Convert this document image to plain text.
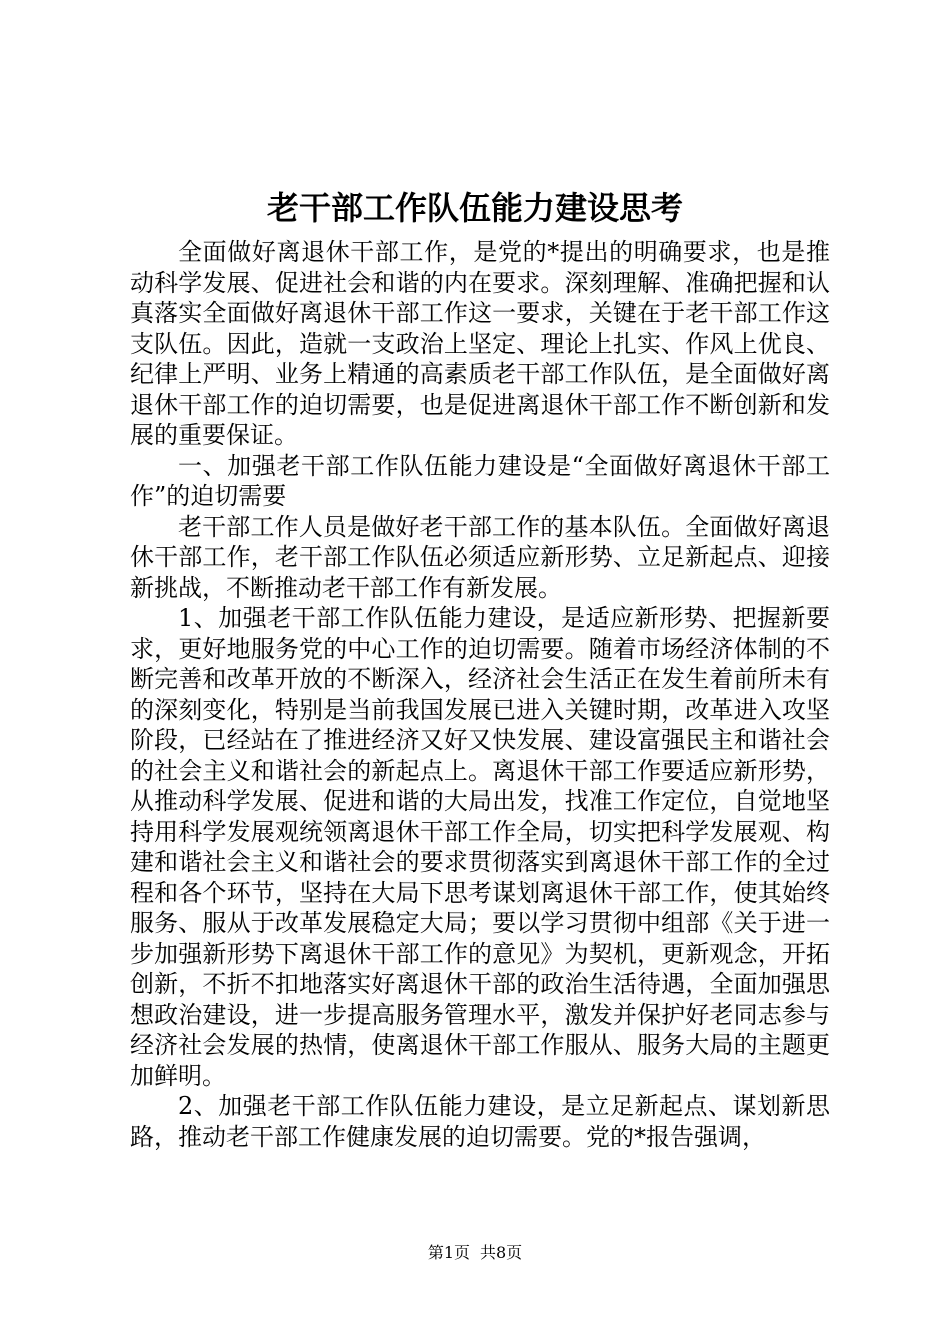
老干部工作队伍能力建设思考

全面做好离退休干部工作，是党的*提出的明确要求，也是推动科学发展、促进社会和谐的内在要求。深刻理解、准确把握和认真落实全面做好离退休干部工作这一要求，关键在于老干部工作这支队伍。因此，造就一支政治上坚定、理论上扎实、作风上优良、纪律上严明、业务上精通的高素质老干部工作队伍，是全面做好离退休干部工作的迫切需要，也是促进离退休干部工作不断创新和发展的重要保证。

一、加强老干部工作队伍能力建设是“全面做好离退休干部工作”的迫切需要

老干部工作人员是做好老干部工作的基本队伍。全面做好离退休干部工作，老干部工作队伍必须适应新形势、立足新起点、迎接新挑战，不断推动老干部工作有新发展。

1、加强老干部工作队伍能力建设，是适应新形势、把握新要求，更好地服务党的中心工作的迫切需要。随着市场经济体制的不断完善和改革开放的不断深入，经济社会生活正在发生着前所未有的深刻变化，特别是当前我国发展已进入关键时期，改革进入攻坚阶段，已经站在了推进经济又好又快发展、建设富强民主和谐社会的社会主义和谐社会的新起点上。离退休干部工作要适应新形势，从推动科学发展、促进和谐的大局出发，找准工作定位，自觉地坚持用科学发展观统领离退休干部工作全局，切实把科学发展观、构建和谐社会主义和谐社会的要求贯彻落实到离退休干部工作的全过程和各个环节，坚持在大局下思考谋划离退休干部工作，使其始终服务、服从于改革发展稳定大局；要以学习贯彻中组部《关于进一步加强新形势下离退休干部工作的意见》为契机，更新观念，开拓创新，不折不扣地落实好离退休干部的政治生活待遇，全面加强思想政治建设，进一步提高服务管理水平，激发并保护好老同志参与经济社会发展的热情，使离退休干部工作服从、服务大局的主题更加鲜明。

2、加强老干部工作队伍能力建设，是立足新起点、谋划新思路，推动老干部工作健康发展的迫切需要。党的*报告强调，

第1页 共8页
